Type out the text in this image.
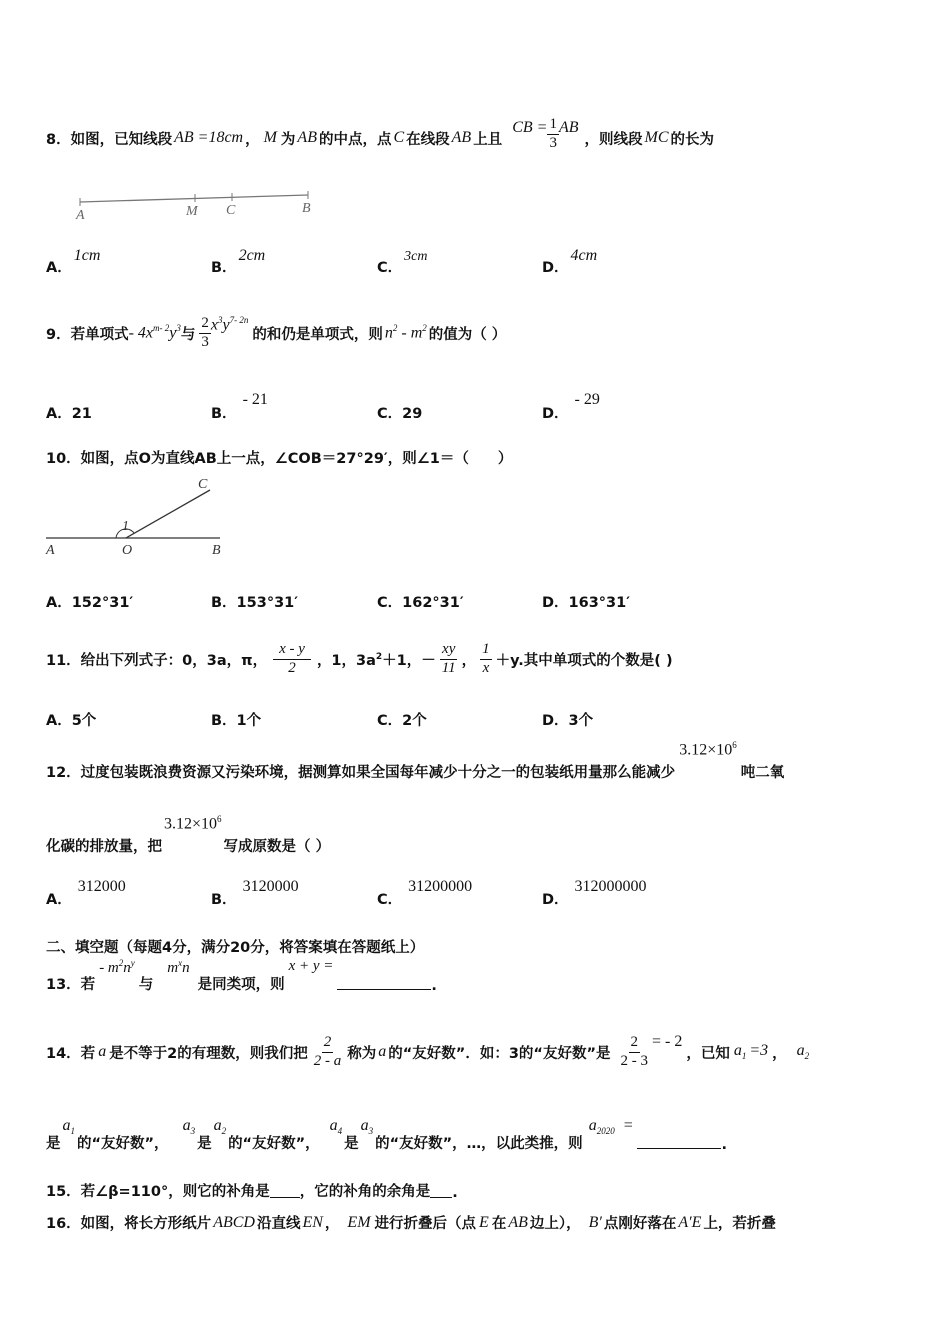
8． 如图，已知线段 AB =18cm ， M 为 AB 的中点，点 C 在线段 AB 上且
CB = $\frac{1}{3}$ AB
，则线段 MC 的长为
A	M C	B
A．1cm
B．2cm
C．3cm
D．4cm
9． 若单项式 - $4x^{m- 2}y^3$ 与 $\frac{2}{3} x^3y^{7- 2n}$
的和仍是单项式，则 $n^2 - m^2$ 的值为（ ）
A．21	B．- 21
C．29	D．- 29
10．如图，点O为直线AB上一点，∠COB＝27°29′，则∠1＝（　　）
A	O	B
C
1
A．152°31′	B．153°31′	C．162°31′	D．163°31′
11．给出下列式子：0，3a，π， $\frac{x - y}{2}$ ，1，$3a^2 +1$，－ $\frac{xy}{11}$ ， $\frac{1}{x} +y$.其中单项式的个数是( )
A．5个	B．1个	C．2个	D．3个
12．过度包装既浪费资源又污染环境，据测算如果全国每年减少十分之一的包装纸用量那么能减少
$3.12\times 10^6$
吨二氧
化碳的排放量，把
$3.12\times 10^6$
写成原数是（ ）
A．312000
B．3120000
C．31200000
D．312000000
二、填空题（每题4分，满分20分，将答案填在答题纸上）
13．若
- $m^2n^y$
与
$m^xn$
是同类项，则
x + y =
.
14．若 a 是不等于2的有理数，则我们把 $\frac{2}{2 - a}$ 称为 a 的“友好数”．如：3的“友好数”是 $\frac{2}{2 - 3}$ = - 2
，已知 $a_1 =3$ ， $a_2$
是
$a_1$
的“友好数”，
$a_3$
是
$a_2$
的“友好数”，
$a_4$
是
$a_3$
的“友好数”，…，以此类推，则
$a_{2020}$ =
.
15．若∠β=110°，则它的补角是 ，它的补角的余角是 .
16．如图，将长方形纸片 ABCD 沿直线 EN ， EM 进行折叠后（点 E 在 AB 边上）， B′ 点刚好落在 A′E 上，若折叠
